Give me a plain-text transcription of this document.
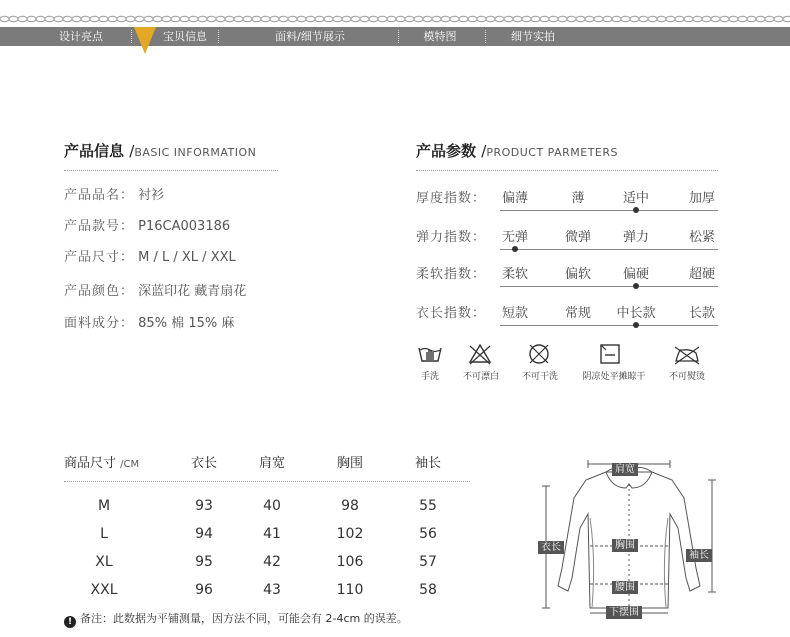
设计亮点	宝贝信息	面料/细节展示	模特图	细节实拍
产品信息 /BASIC INFORMATION
产品品名： 衬衫
产品款号： P16CA003186
产品尺寸： M / L / XL / XXL
产品颜色： 深蓝印花 藏青扇花
面料成分： 85% 棉 15% 麻
产品参数 /PRODUCT PARMETERS
厚度指数： 偏薄	薄	适中	加厚
弹力指数： 无弹	微弹 弹力	松紧
柔软指数： 柔软	偏软 偏硬	超硬
衣长指数： 短款	常规 中长款	长款
手洗	不可漂白	不可干洗	阴凉处平摊晾干	不可熨烫
商品尺寸 /CM	衣长	肩宽	胸围	袖长
M	93	40	98	55
L	94	41	102	56
XL	95	42	106	57
XXL	96	43	110	58
! 备注：此数据为平铺测量，因方法不同，可能会有 2-4cm 的误差。
肩宽
衣长	胸围
袖长
腰围
下摆围
